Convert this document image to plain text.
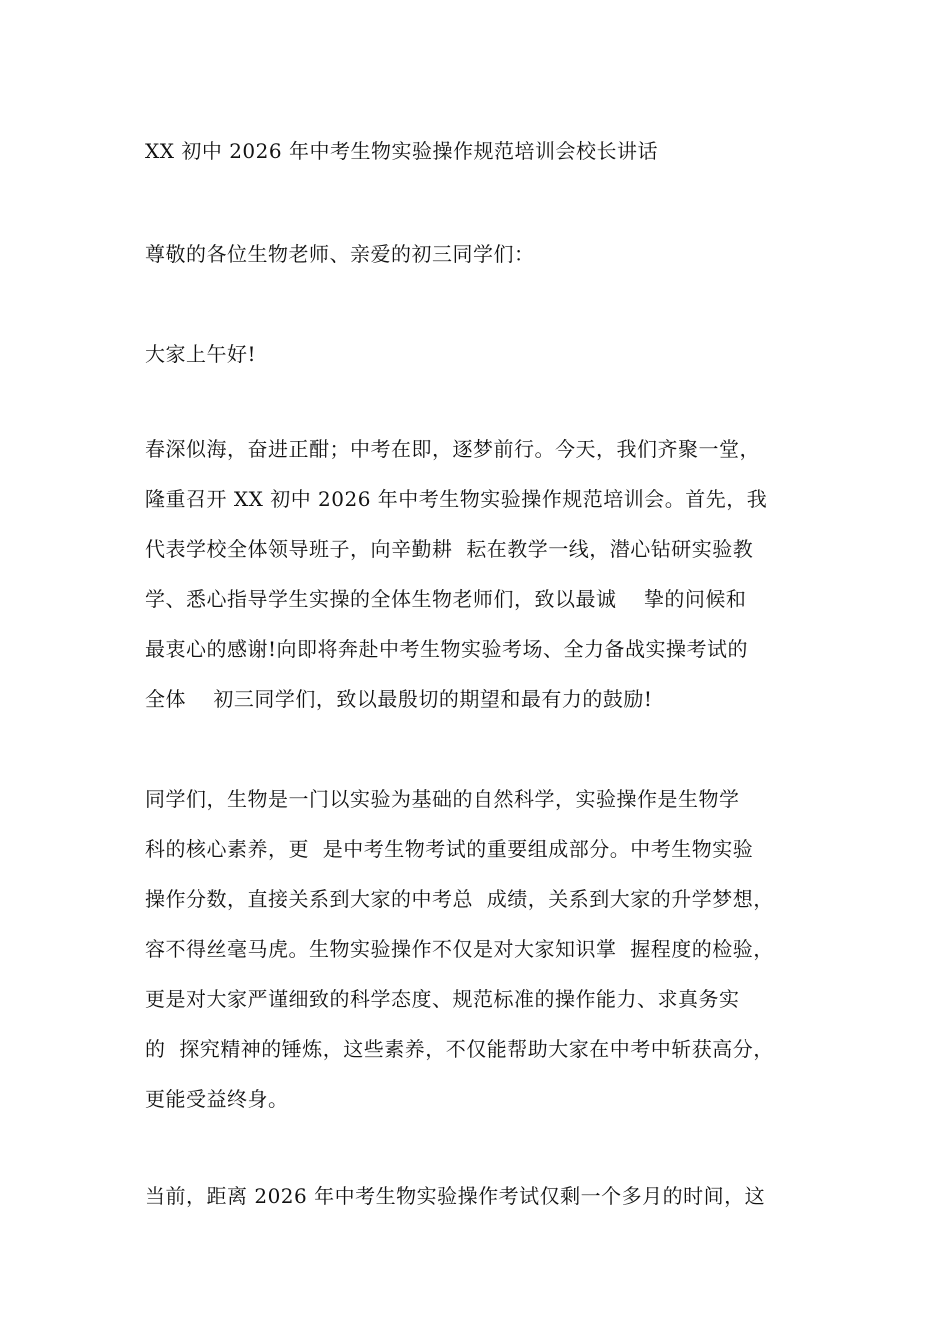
XX 初中 2026 年中考生物实验操作规范培训会校长讲话
尊敬的各位生物老师、亲爱的初三同学们：
大家上午好!
春深似海，奋进正酣；中考在即，逐梦前行。今天，我们齐聚一堂，
隆重召开 XX 初中 2026 年中考生物实验操作规范培训会。首先，我
代表学校全体领导班子，向辛勤耕  耘在教学一线，潜心钻研实验教
学、悉心指导学生实操的全体生物老师们，致以最诚    挚的问候和
最衷心的感谢!向即将奔赴中考生物实验考场、全力备战实操考试的
全体    初三同学们，致以最殷切的期望和最有力的鼓励!
同学们，生物是一门以实验为基础的自然科学，实验操作是生物学
科的核心素养，更  是中考生物考试的重要组成部分。中考生物实验
操作分数，直接关系到大家的中考总  成绩，关系到大家的升学梦想，
容不得丝毫马虎。生物实验操作不仅是对大家知识掌  握程度的检验，
更是对大家严谨细致的科学态度、规范标准的操作能力、求真务实
的  探究精神的锤炼，这些素养，不仅能帮助大家在中考中斩获高分，
更能受益终身。
当前，距离 2026 年中考生物实验操作考试仅剩一个多月的时间，这
